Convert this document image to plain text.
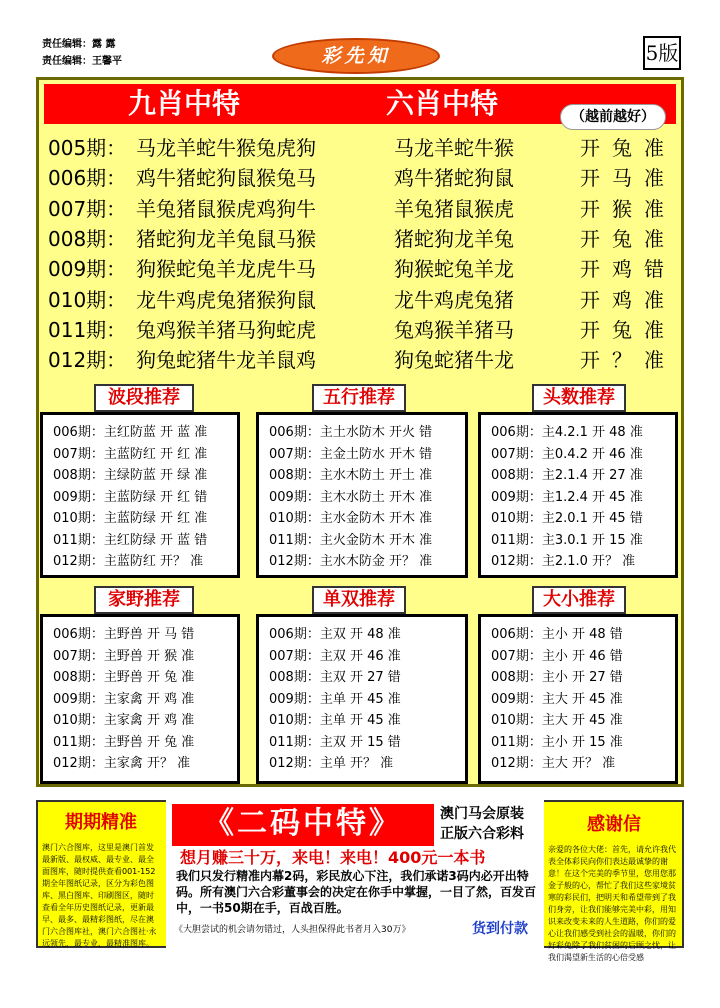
责任编辑：露 露
责任编辑：王馨平	彩先知	5版
九肖中特	六肖中特	（越前越好）
005期： 马龙羊蛇牛猴兔虎狗	马龙羊蛇牛猴	开 兔 准
006期： 鸡牛猪蛇狗鼠猴兔马	鸡牛猪蛇狗鼠	开 马 准
007期： 羊兔猪鼠猴虎鸡狗牛	羊兔猪鼠猴虎	开 猴 准
008期： 猪蛇狗龙羊兔鼠马猴	猪蛇狗龙羊兔	开 兔 准
009期： 狗猴蛇兔羊龙虎牛马	狗猴蛇兔羊龙	开 鸡 错
010期： 龙牛鸡虎兔猪猴狗鼠	龙牛鸡虎兔猪	开 鸡 准
011期： 兔鸡猴羊猪马狗蛇虎	兔鸡猴羊猪马	开 兔 准
012期： 狗兔蛇猪牛龙羊鼠鸡	狗兔蛇猪牛龙	开 ？ 准
波段推荐
006期：主红防蓝 开 蓝 准
007期：主蓝防红 开 红 准
008期：主绿防蓝 开 绿 准
009期：主蓝防绿 开 红 错
010期：主蓝防绿 开 红 准
011期：主红防绿 开 蓝 错
012期：主蓝防红 开？ 准
五行推荐
006期：主土水防木 开火 错
007期：主金土防水 开木 错
008期：主水木防土 开土 准
009期：主木水防土 开木 准
010期：主水金防木 开木 准
011期：主火金防木 开木 准
012期：主水木防金 开？ 准
头数推荐
006期：主4.2.1 开 48 准
007期：主0.4.2 开 46 准
008期：主2.1.4 开 27 准
009期：主1.2.4 开 45 准
010期：主2.0.1 开 45 错
011期：主3.0.1 开 15 准
012期：主2.1.0 开？ 准
家野推荐
006期：主野兽 开 马 错
007期：主野兽 开 猴 准
008期：主野兽 开 兔 准
009期：主家禽 开 鸡 准
010期：主家禽 开 鸡 准
011期：主野兽 开 兔 准
012期：主家禽 开？ 准
单双推荐
006期：主双 开 48 准
007期：主双 开 46 准
008期：主双 开 27 错
009期：主单 开 45 准
010期：主单 开 45 准
011期：主双 开 15 错
012期：主单 开？ 准
大小推荐
006期：主小 开 48 错
007期：主小 开 46 错
008期：主小 开 27 错
009期：主大 开 45 准
010期：主大 开 45 准
011期：主小 开 15 准
012期：主大 开？ 准
期期精准
澳门六合图库，这里是澳门首发最新版、最权威、最专业、最全面图库，随时提供查看001-152期全年图纸记录，区分为彩色图库、黑白图库、印刷图区，随时查看全年历史图纸记录，更新最早、最多、最精彩图纸，尽在澳门六合图库社，澳门六合图社·永远领先，最专业，最精准图库。
《二码中特》	澳门马会原装
正版六合彩料
想月赚三十万，来电！来电！400元一本书
我们只发行精准内幕2码，彩民放心下注，我们承诺3码内必开出特码。所有澳门六合彩董事会的决定在你手中掌握，一目了然，百发百中，一书50期在手，百战百胜。
《大胆尝试的机会请勿错过，人头担保得此书者月入30万》	货到付款
感谢信
亲爱的各位大佬：首先，请允许我代表全体彩民向你们表达最诚挚的谢意！在这个完美的季节里，您用您那金子般的心，帮忙了我们这些家境贫寒的彩民们，把明天和希望带到了我们身旁，让我们能够完美中彩，用知识来改变未来的人生道路，你们的爱心让我们感受到社会的温暖，你们的好彩免除了我们贫困的后顾之忧，让我们渴望新生活的心倍受感
